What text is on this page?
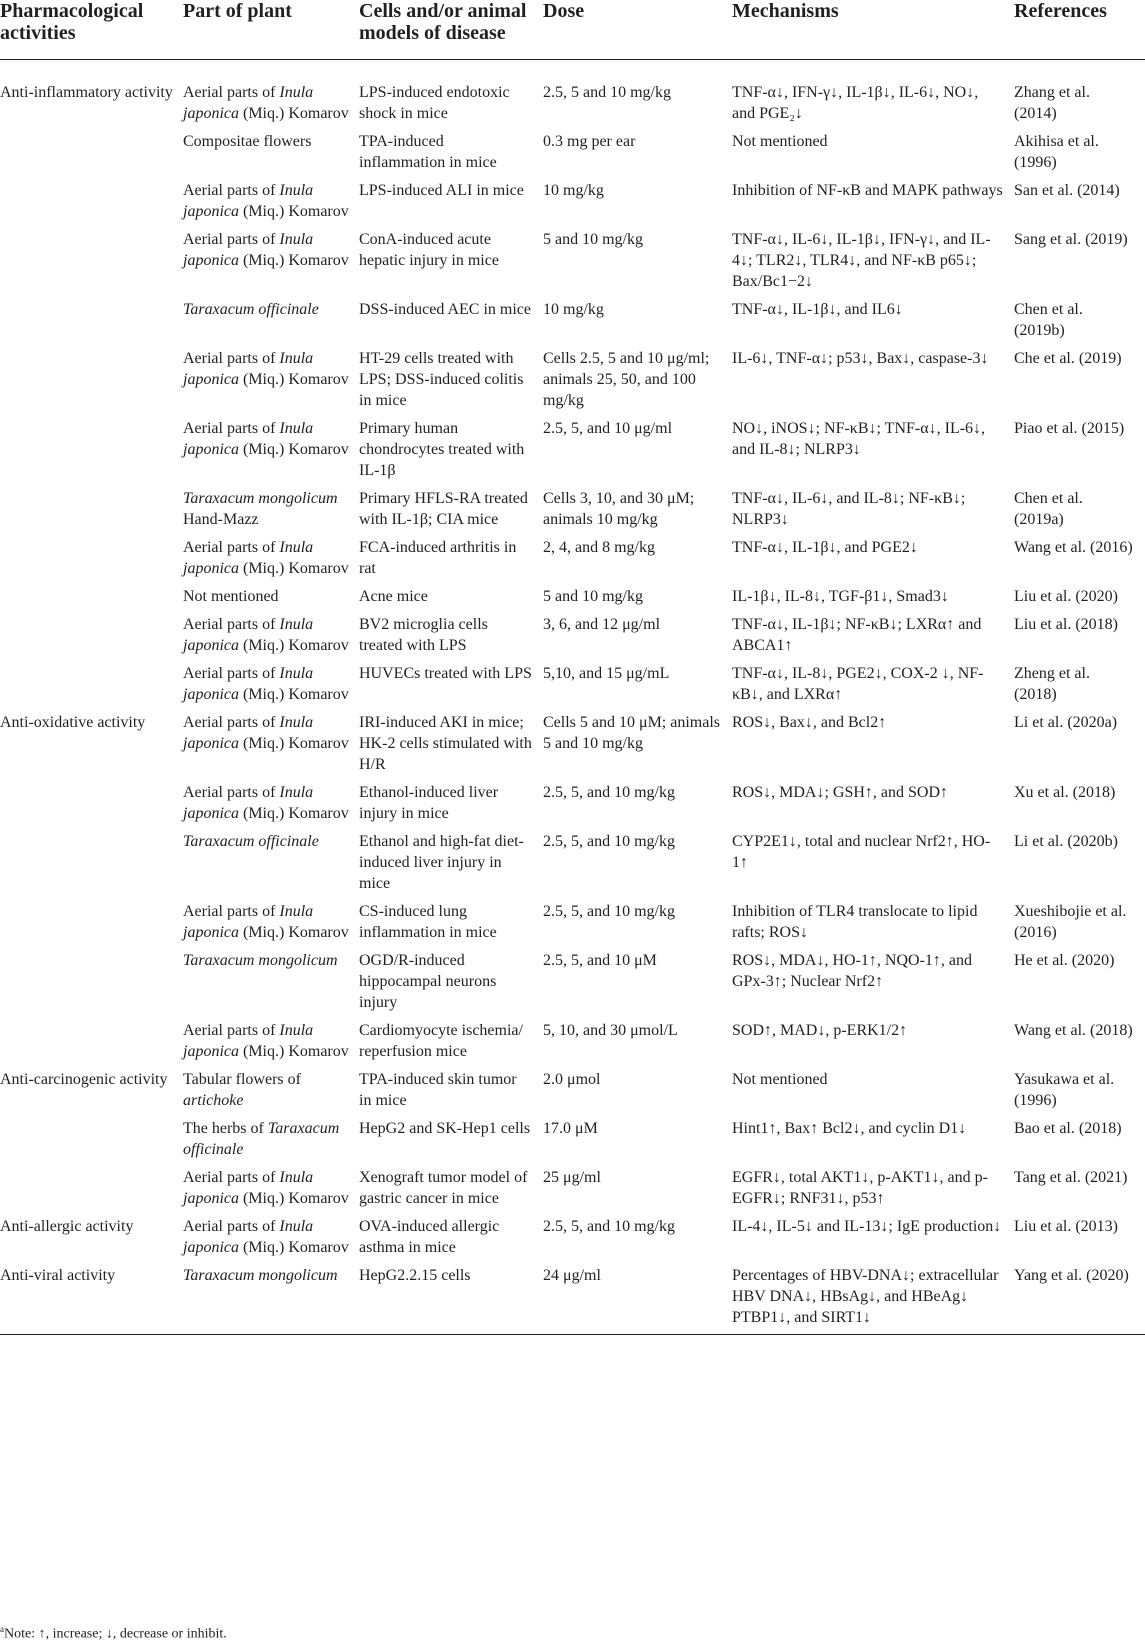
Pharmacological activities	Part of plant	Cells and/or animal models of disease	Dose	Mechanisms	References
Anti-inflammatory activity	Aerial parts of Inula japonica (Miq.) Komarov	LPS-induced endotoxic shock in mice	2.5, 5 and 10 mg/kg	TNF-α↓, IFN-γ↓, IL-1β↓, IL-6↓, NO↓, and PGE₂↓	Zhang et al. (2014)
	Compositae flowers	TPA-induced inflammation in mice	0.3 mg per ear	Not mentioned	Akihisa et al. (1996)
	Aerial parts of Inula japonica (Miq.) Komarov	LPS-induced ALI in mice	10 mg/kg	Inhibition of NF-κB and MAPK pathways	San et al. (2014)
	Aerial parts of Inula japonica (Miq.) Komarov	ConA-induced acute hepatic injury in mice	5 and 10 mg/kg	TNF-α↓, IL-6↓, IL-1β↓, IFN-γ↓, and IL-4↓; TLR2↓, TLR4↓, and NF-κB p65↓; Bax/Bc1−2↓	Sang et al. (2019)
	Taraxacum officinale	DSS-induced AEC in mice	10 mg/kg	TNF-α↓, IL-1β↓, and IL6↓	Chen et al. (2019b)
	Aerial parts of Inula japonica (Miq.) Komarov	HT-29 cells treated with LPS; DSS-induced colitis in mice	Cells 2.5, 5 and 10 μg/ml; animals 25, 50, and 100 mg/kg	IL-6↓, TNF-α↓; p53↓, Bax↓, caspase-3↓	Che et al. (2019)
	Aerial parts of Inula japonica (Miq.) Komarov	Primary human chondrocytes treated with IL-1β	2.5, 5, and 10 μg/ml	NO↓, iNOS↓; NF-κB↓; TNF-α↓, IL-6↓, and IL-8↓; NLRP3↓	Piao et al. (2015)
	Taraxacum mongolicum Hand-Mazz	Primary HFLS-RA treated with IL-1β; CIA mice	Cells 3, 10, and 30 μM; animals 10 mg/kg	TNF-α↓, IL-6↓, and IL-8↓; NF-κB↓; NLRP3↓	Chen et al. (2019a)
	Aerial parts of Inula japonica (Miq.) Komarov	FCA-induced arthritis in rat	2, 4, and 8 mg/kg	TNF-α↓, IL-1β↓, and PGE2↓	Wang et al. (2016)
	Not mentioned	Acne mice	5 and 10 mg/kg	IL-1β↓, IL-8↓, TGF-β1↓, Smad3↓	Liu et al. (2020)
	Aerial parts of Inula japonica (Miq.) Komarov	BV2 microglia cells treated with LPS	3, 6, and 12 μg/ml	TNF-α↓, IL-1β↓; NF-κB↓; LXRα↑ and ABCA1↑	Liu et al. (2018)
	Aerial parts of Inula japonica (Miq.) Komarov	HUVECs treated with LPS	5,10, and 15 μg/mL	TNF-α↓, IL-8↓, PGE2↓, COX-2 ↓, NF-κB↓, and LXRα↑	Zheng et al. (2018)
Anti-oxidative activity	Aerial parts of Inula japonica (Miq.) Komarov	IRI-induced AKI in mice; HK-2 cells stimulated with H/R	Cells 5 and 10 μM; animals 5 and 10 mg/kg	ROS↓, Bax↓, and Bcl2↑	Li et al. (2020a)
	Aerial parts of Inula japonica (Miq.) Komarov	Ethanol-induced liver injury in mice	2.5, 5, and 10 mg/kg	ROS↓, MDA↓; GSH↑, and SOD↑	Xu et al. (2018)
	Taraxacum officinale	Ethanol and high-fat diet-induced liver injury in mice	2.5, 5, and 10 mg/kg	CYP2E1↓, total and nuclear Nrf2↑, HO-1↑	Li et al. (2020b)
	Aerial parts of Inula japonica (Miq.) Komarov	CS-induced lung inflammation in mice	2.5, 5, and 10 mg/kg	Inhibition of TLR4 translocate to lipid rafts; ROS↓	Xueshibojie et al. (2016)
	Taraxacum mongolicum	OGD/R-induced hippocampal neurons injury	2.5, 5, and 10 μM	ROS↓, MDA↓, HO-1↑, NQO-1↑, and GPx-3↑; Nuclear Nrf2↑	He et al. (2020)
	Aerial parts of Inula japonica (Miq.) Komarov	Cardiomyocyte ischemia/ reperfusion mice	5, 10, and 30 μmol/L	SOD↑, MAD↓, p-ERK1/2↑	Wang et al. (2018)
Anti-carcinogenic activity	Tabular flowers of artichoke	TPA-induced skin tumor in mice	2.0 μmol	Not mentioned	Yasukawa et al. (1996)
	The herbs of Taraxacum officinale	HepG2 and SK-Hep1 cells	17.0 μM	Hint1↑, Bax↑ Bcl2↓, and cyclin D1↓	Bao et al. (2018)
	Aerial parts of Inula japonica (Miq.) Komarov	Xenograft tumor model of gastric cancer in mice	25 μg/ml	EGFR↓, total AKT1↓, p-AKT1↓, and p-EGFR↓; RNF31↓, p53↑	Tang et al. (2021)
Anti-allergic activity	Aerial parts of Inula japonica (Miq.) Komarov	OVA-induced allergic asthma in mice	2.5, 5, and 10 mg/kg	IL-4↓, IL-5↓ and IL-13↓; IgE production↓	Liu et al. (2013)
Anti-viral activity	Taraxacum mongolicum	HepG2.2.15 cells	24 μg/ml	Percentages of HBV-DNA↓; extracellular HBV DNA↓, HBsAg↓, and HBeAg↓ PTBP1↓, and SIRT1↓	Yang et al. (2020)
$^a$Note: ↑, increase; ↓, decrease or inhibit.
